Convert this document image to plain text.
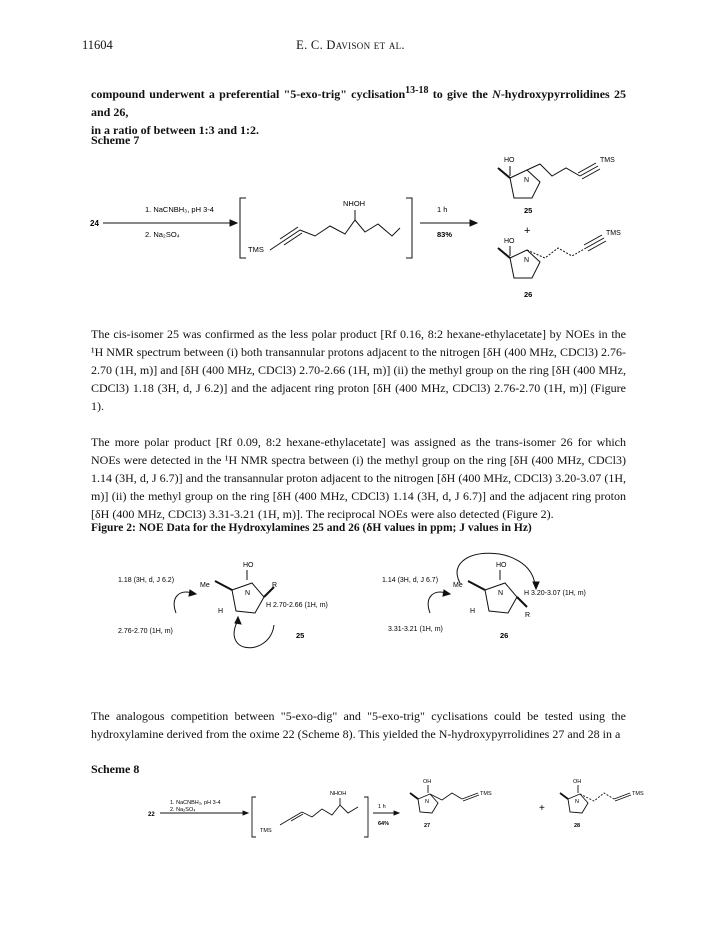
11604	E. C. Davison et al.
compound underwent a preferential "5-exo-trig" cyclisation$^{13-18}$ to give the N-hydroxypyrrolidines 25 and 26,
in a ratio of between 1:3 and 1:2.
Scheme 7
24
1. NaCNBH₃, pH 3-4
2. Na₂SO₄
NHOH
TMS
1 h
83%
HO
N
TMS
25
+
HO
N
TMS
26
The cis-isomer 25 was confirmed as the less polar product [Rf 0.16, 8:2 hexane-ethylacetate] by NOEs in the ¹H NMR spectrum between (i) both transannular protons adjacent to the nitrogen [δH (400 MHz, CDCl3) 2.76-2.70 (1H, m)] and [δH (400 MHz, CDCl3) 2.70-2.66 (1H, m)] (ii) the methyl group on the ring [δH (400 MHz, CDCl3) 1.18 (3H, d, J 6.2)] and the adjacent ring proton [δH (400 MHz, CDCl3) 2.76-2.70 (1H, m)] (Figure 1).
The more polar product [Rf 0.09, 8:2 hexane-ethylacetate] was assigned as the trans-isomer 26 for which NOEs were detected in the ¹H NMR spectra between (i) the methyl group on the ring [δH (400 MHz, CDCl3) 1.14 (3H, d, J 6.7)] and the transannular proton adjacent to the nitrogen [δH (400 MHz, CDCl3) 3.20-3.07 (1H, m)] (ii) the methyl group on the ring [δH (400 MHz, CDCl3) 1.14 (3H, d, J 6.7)] and the adjacent ring proton [δH (400 MHz, CDCl3) 3.31-3.21 (1H, m)]. The reciprocal NOEs were also detected (Figure 2).
Figure 2: NOE Data for the Hydroxylamines 25 and 26 (δH values in ppm; J values in Hz)
HO
N
R
Me
H
1.18 (3H, d, J 6.2)
H 2.70-2.66 (1H, m)
2.76-2.70 (1H, m)	25
HO
N
R
Me
H
1.14 (3H, d, J 6.7)
H 3.20-3.07 (1H, m)
3.31-3.21 (1H, m)
26
The analogous competition between "5-exo-dig" and "5-exo-trig" cyclisations could be tested using the hydroxylamine derived from the oxime 22 (Scheme 8). This yielded the N-hydroxypyrrolidines 27 and 28 in a
Scheme 8
22
1. NaCNBH₃, pH 3-4
2. Na₂SO₄
NHOH
TMS
1 h
64%
OH
N
TMS
27
+
OH
N
TMS
28
